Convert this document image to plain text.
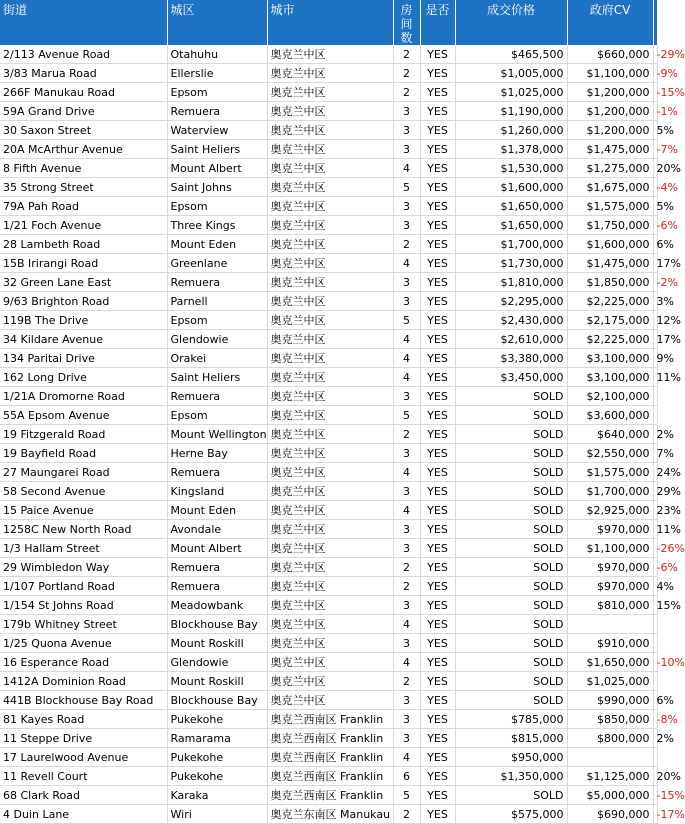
街道	城区	城市	房间数	是否	成交价格	政府CV	增幅
2/113 Avenue Road	Otahuhu	奥克兰中区	2	YES	$465,500	$660,000	-29%
3/83 Marua Road	Ellerslie	奥克兰中区	2	YES	$1,005,000	$1,100,000	-9%
266F Manukau Road	Epsom	奥克兰中区	2	YES	$1,025,000	$1,200,000	-15%
59A Grand Drive	Remuera	奥克兰中区	3	YES	$1,190,000	$1,200,000	-1%
30 Saxon Street	Waterview	奥克兰中区	3	YES	$1,260,000	$1,200,000	5%
20A McArthur Avenue	Saint Heliers	奥克兰中区	3	YES	$1,378,000	$1,475,000	-7%
8 Fifth Avenue	Mount Albert	奥克兰中区	4	YES	$1,530,000	$1,275,000	20%
35 Strong Street	Saint Johns	奥克兰中区	5	YES	$1,600,000	$1,675,000	-4%
79A Pah Road	Epsom	奥克兰中区	3	YES	$1,650,000	$1,575,000	5%
1/21 Foch Avenue	Three Kings	奥克兰中区	3	YES	$1,650,000	$1,750,000	-6%
28 Lambeth Road	Mount Eden	奥克兰中区	2	YES	$1,700,000	$1,600,000	6%
15B Irirangi Road	Greenlane	奥克兰中区	4	YES	$1,730,000	$1,475,000	17%
32 Green Lane East	Remuera	奥克兰中区	3	YES	$1,810,000	$1,850,000	-2%
9/63 Brighton Road	Parnell	奥克兰中区	3	YES	$2,295,000	$2,225,000	3%
119B The Drive	Epsom	奥克兰中区	5	YES	$2,430,000	$2,175,000	12%
34 Kildare Avenue	Glendowie	奥克兰中区	4	YES	$2,610,000	$2,225,000	17%
134 Paritai Drive	Orakei	奥克兰中区	4	YES	$3,380,000	$3,100,000	9%
162 Long Drive	Saint Heliers	奥克兰中区	4	YES	$3,450,000	$3,100,000	11%
1/21A Dromorne Road	Remuera	奥克兰中区	3	YES	SOLD	$2,100,000	
55A Epsom Avenue	Epsom	奥克兰中区	5	YES	SOLD	$3,600,000	
19 Fitzgerald Road	Mount Wellington	奥克兰中区	2	YES	SOLD	$640,000	2%
19 Bayfield Road	Herne Bay	奥克兰中区	3	YES	SOLD	$2,550,000	7%
27 Maungarei Road	Remuera	奥克兰中区	4	YES	SOLD	$1,575,000	24%
58 Second Avenue	Kingsland	奥克兰中区	3	YES	SOLD	$1,700,000	29%
15 Paice Avenue	Mount Eden	奥克兰中区	4	YES	SOLD	$2,925,000	23%
1258C New North Road	Avondale	奥克兰中区	3	YES	SOLD	$970,000	11%
1/3 Hallam Street	Mount Albert	奥克兰中区	3	YES	SOLD	$1,100,000	-26%
29 Wimbledon Way	Remuera	奥克兰中区	2	YES	SOLD	$970,000	-6%
1/107 Portland Road	Remuera	奥克兰中区	2	YES	SOLD	$970,000	4%
1/154 St Johns Road	Meadowbank	奥克兰中区	3	YES	SOLD	$810,000	15%
179b Whitney Street	Blockhouse Bay	奥克兰中区	4	YES	SOLD		
1/25 Quona Avenue	Mount Roskill	奥克兰中区	3	YES	SOLD	$910,000	
16 Esperance Road	Glendowie	奥克兰中区	4	YES	SOLD	$1,650,000	-10%
1412A Dominion Road	Mount Roskill	奥克兰中区	2	YES	SOLD	$1,025,000	
441B Blockhouse Bay Road	Blockhouse Bay	奥克兰中区	3	YES	SOLD	$990,000	6%
81 Kayes Road	Pukekohe	奥克兰西南区 Franklin	3	YES	$785,000	$850,000	-8%
11 Steppe Drive	Ramarama	奥克兰西南区 Franklin	3	YES	$815,000	$800,000	2%
17 Laurelwood Avenue	Pukekohe	奥克兰西南区 Franklin	4	YES	$950,000		
11 Revell Court	Pukekohe	奥克兰西南区 Franklin	6	YES	$1,350,000	$1,125,000	20%
68 Clark Road	Karaka	奥克兰西南区 Franklin	5	YES	SOLD	$5,000,000	-15%
4 Duin Lane	Wiri	奥克兰东南区 Manukau	2	YES	$575,000	$690,000	-17%
